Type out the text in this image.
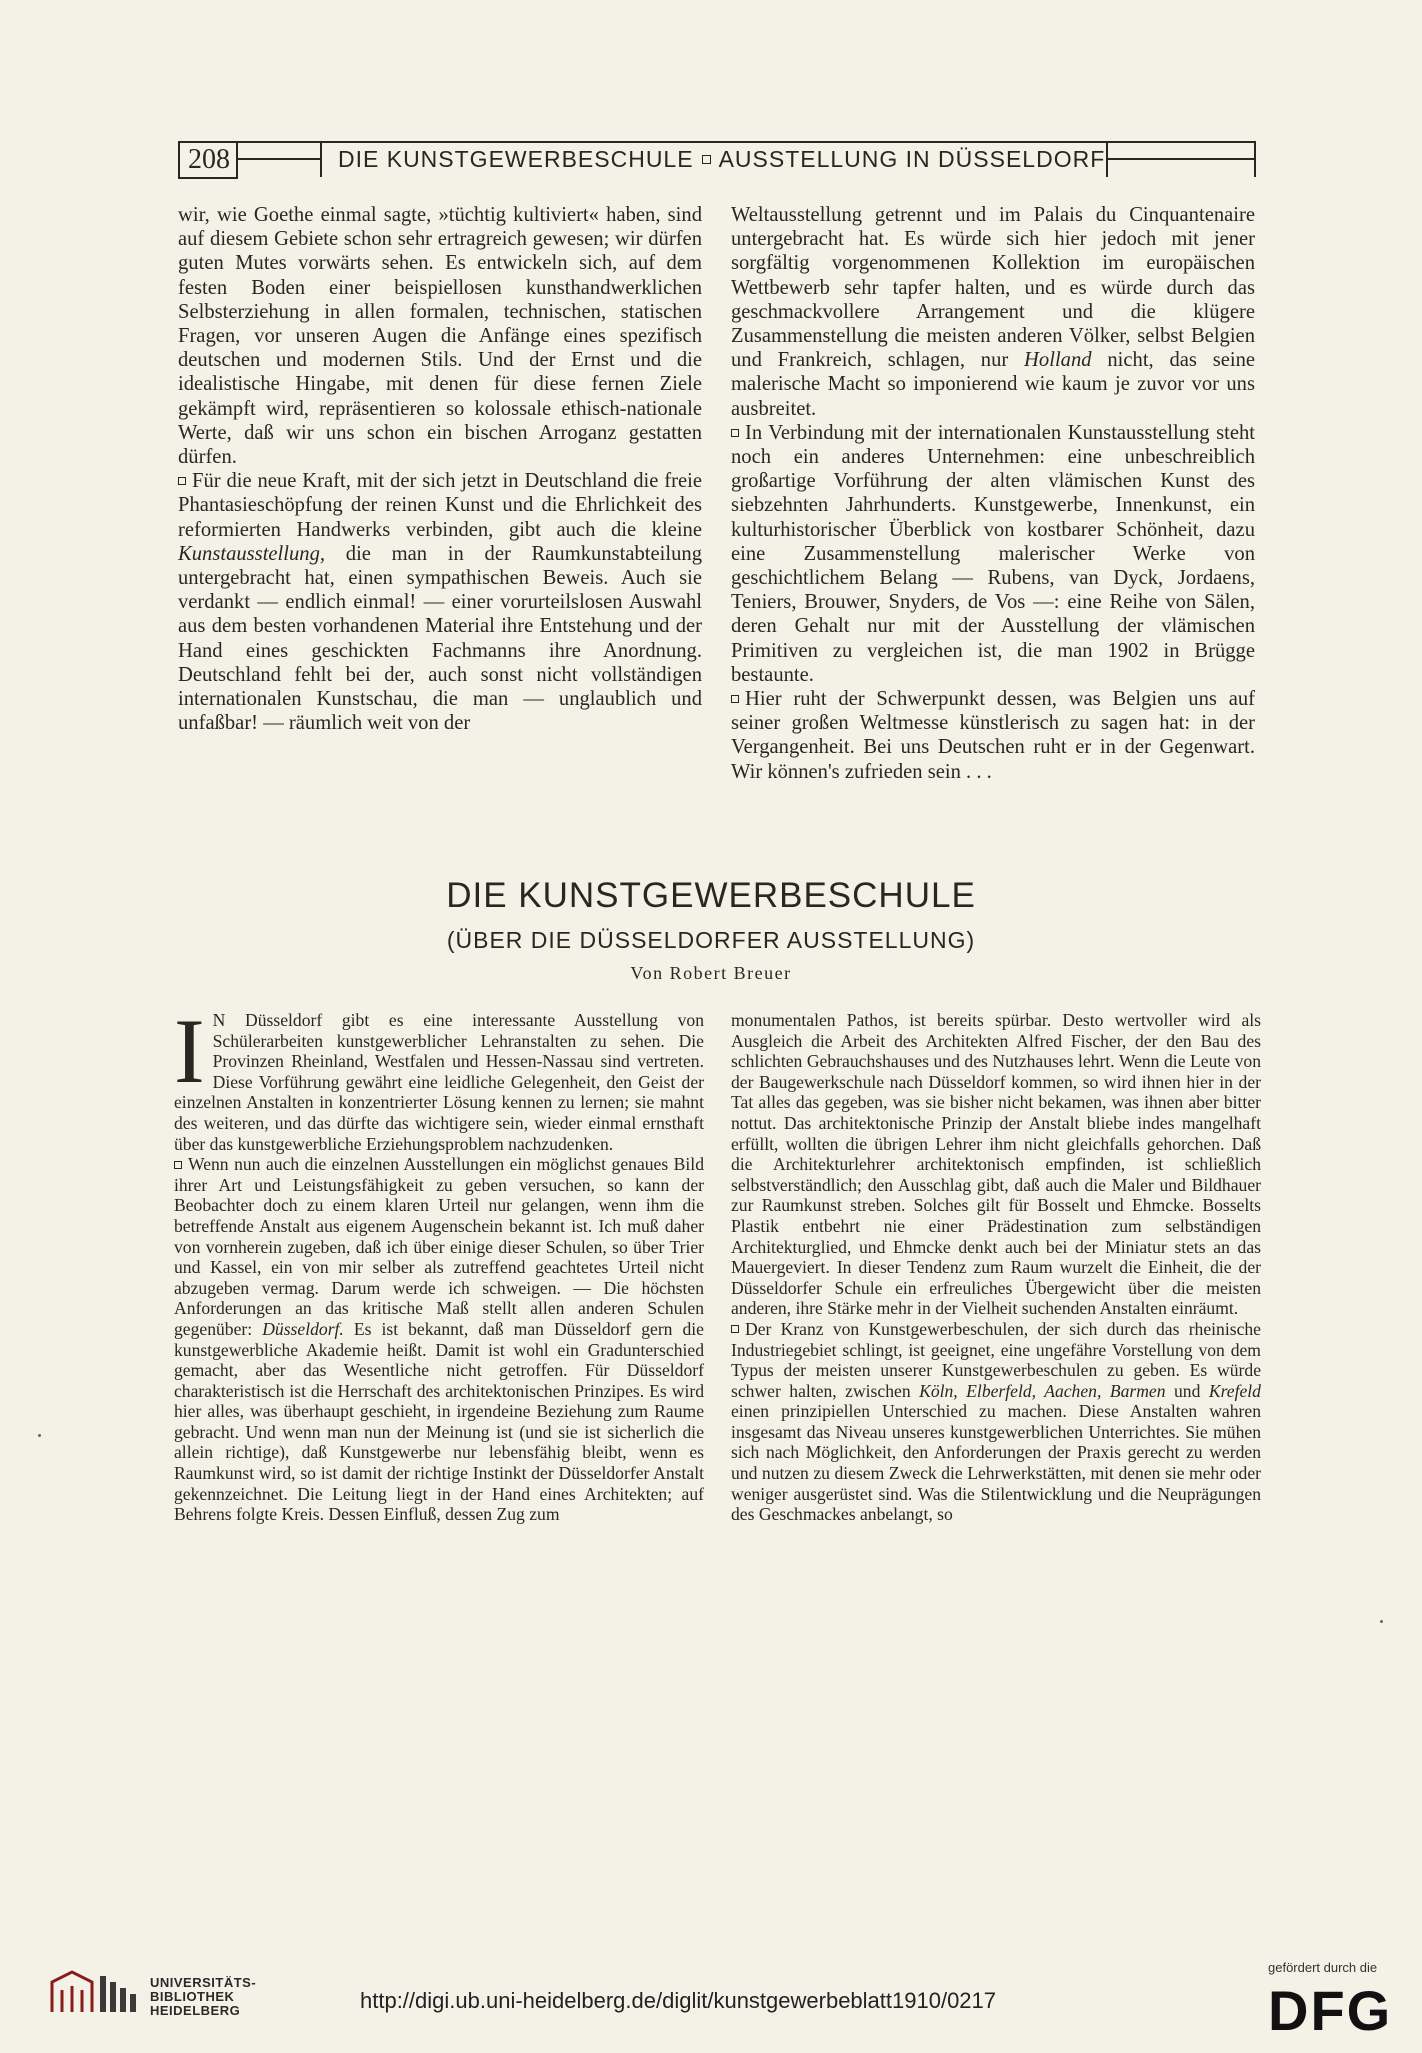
208	DIE KUNSTGEWERBESCHULE AUSSTELLUNG IN DÜSSELDORF

wir, wie Goethe einmal sagte, »tüchtig kultiviert« haben, sind auf diesem Gebiete schon sehr ertragreich gewesen; wir dürfen guten Mutes vorwärts sehen. Es entwickeln sich, auf dem festen Boden einer beispiellosen kunsthandwerklichen Selbsterziehung in allen formalen, technischen, statischen Fragen, vor unseren Augen die Anfänge eines spezifisch deutschen und modernen Stils. Und der Ernst und die idealistische Hingabe, mit denen für diese fernen Ziele gekämpft wird, repräsentieren so kolossale ethisch-nationale Werte, daß wir uns schon ein bischen Arroganz gestatten dürfen.

Für die neue Kraft, mit der sich jetzt in Deutschland die freie Phantasieschöpfung der reinen Kunst und die Ehrlichkeit des reformierten Handwerks verbinden, gibt auch die kleine Kunstausstellung, die man in der Raumkunstabteilung untergebracht hat, einen sympathischen Beweis. Auch sie verdankt — endlich einmal! — einer vorurteilslosen Auswahl aus dem besten vorhandenen Material ihre Entstehung und der Hand eines geschickten Fachmanns ihre Anordnung. Deutschland fehlt bei der, auch sonst nicht vollständigen internationalen Kunstschau, die man — unglaublich und unfaßbar! — räumlich weit von der

Weltausstellung getrennt und im Palais du Cinquantenaire untergebracht hat. Es würde sich hier jedoch mit jener sorgfältig vorgenommenen Kollektion im europäischen Wettbewerb sehr tapfer halten, und es würde durch das geschmackvollere Arrangement und die klügere Zusammenstellung die meisten anderen Völker, selbst Belgien und Frankreich, schlagen, nur Holland nicht, das seine malerische Macht so imponierend wie kaum je zuvor vor uns ausbreitet.

In Verbindung mit der internationalen Kunstausstellung steht noch ein anderes Unternehmen: eine unbeschreiblich großartige Vorführung der alten vlämischen Kunst des siebzehnten Jahrhunderts. Kunstgewerbe, Innenkunst, ein kulturhistorischer Überblick von kostbarer Schönheit, dazu eine Zusammenstellung malerischer Werke von geschichtlichem Belang — Rubens, van Dyck, Jordaens, Teniers, Brouwer, Snyders, de Vos —: eine Reihe von Sälen, deren Gehalt nur mit der Ausstellung der vlämischen Primitiven zu vergleichen ist, die man 1902 in Brügge bestaunte.

Hier ruht der Schwerpunkt dessen, was Belgien uns auf seiner großen Weltmesse künstlerisch zu sagen hat: in der Vergangenheit. Bei uns Deutschen ruht er in der Gegenwart. Wir können's zufrieden sein . . .

DIE KUNSTGEWERBESCHULE
(ÜBER DIE DÜSSELDORFER AUSSTELLUNG)
Von Robert Breuer

I N Düsseldorf gibt es eine interessante Ausstellung von Schülerarbeiten kunstgewerblicher Lehranstalten zu sehen. Die Provinzen Rheinland, Westfalen und Hessen-Nassau sind vertreten. Diese Vorführung gewährt eine leidliche Gelegenheit, den Geist der einzelnen Anstalten in konzentrierter Lösung kennen zu lernen; sie mahnt des weiteren, und das dürfte das wichtigere sein, wieder einmal ernsthaft über das kunstgewerbliche Erziehungsproblem nachzudenken.

Wenn nun auch die einzelnen Ausstellungen ein möglichst genaues Bild ihrer Art und Leistungsfähigkeit zu geben versuchen, so kann der Beobachter doch zu einem klaren Urteil nur gelangen, wenn ihm die betreffende Anstalt aus eigenem Augenschein bekannt ist. Ich muß daher von vornherein zugeben, daß ich über einige dieser Schulen, so über Trier und Kassel, ein von mir selber als zutreffend geachtetes Urteil nicht abzugeben vermag. Darum werde ich schweigen. — Die höchsten Anforderungen an das kritische Maß stellt allen anderen Schulen gegenüber: Düsseldorf. Es ist bekannt, daß man Düsseldorf gern die kunstgewerbliche Akademie heißt. Damit ist wohl ein Gradunterschied gemacht, aber das Wesentliche nicht getroffen. Für Düsseldorf charakteristisch ist die Herrschaft des architektonischen Prinzipes. Es wird hier alles, was überhaupt geschieht, in irgendeine Beziehung zum Raume gebracht. Und wenn man nun der Meinung ist (und sie ist sicherlich die allein richtige), daß Kunstgewerbe nur lebensfähig bleibt, wenn es Raumkunst wird, so ist damit der richtige Instinkt der Düsseldorfer Anstalt gekennzeichnet. Die Leitung liegt in der Hand eines Architekten; auf Behrens folgte Kreis. Dessen Einfluß, dessen Zug zum

monumentalen Pathos, ist bereits spürbar. Desto wertvoller wird als Ausgleich die Arbeit des Architekten Alfred Fischer, der den Bau des schlichten Gebrauchshauses und des Nutzhauses lehrt. Wenn die Leute von der Baugewerkschule nach Düsseldorf kommen, so wird ihnen hier in der Tat alles das gegeben, was sie bisher nicht bekamen, was ihnen aber bitter nottut. Das architektonische Prinzip der Anstalt bliebe indes mangelhaft erfüllt, wollten die übrigen Lehrer ihm nicht gleichfalls gehorchen. Daß die Architekturlehrer architektonisch empfinden, ist schließlich selbstverständlich; den Ausschlag gibt, daß auch die Maler und Bildhauer zur Raumkunst streben. Solches gilt für Bosselt und Ehmcke. Bosselts Plastik entbehrt nie einer Prädestination zum selbständigen Architekturglied, und Ehmcke denkt auch bei der Miniatur stets an das Mauergeviert. In dieser Tendenz zum Raum wurzelt die Einheit, die der Düsseldorfer Schule ein erfreuliches Übergewicht über die meisten anderen, ihre Stärke mehr in der Vielheit suchenden Anstalten einräumt.

Der Kranz von Kunstgewerbeschulen, der sich durch das rheinische Industriegebiet schlingt, ist geeignet, eine ungefähre Vorstellung von dem Typus der meisten unserer Kunstgewerbeschulen zu geben. Es würde schwer halten, zwischen Köln, Elberfeld, Aachen, Barmen und Krefeld einen prinzipiellen Unterschied zu machen. Diese Anstalten wahren insgesamt das Niveau unseres kunstgewerblichen Unterrichtes. Sie mühen sich nach Möglichkeit, den Anforderungen der Praxis gerecht zu werden und nutzen zu diesem Zweck die Lehrwerkstätten, mit denen sie mehr oder weniger ausgerüstet sind. Was die Stilentwicklung und die Neuprägungen des Geschmackes anbelangt, so

UNIVERSITÄTS-
BIBLIOTHEK
HEIDELBERG	http://digi.ub.uni-heidelberg.de/diglit/kunstgewerbeblatt1910/0217
gefördert durch die
DFG
